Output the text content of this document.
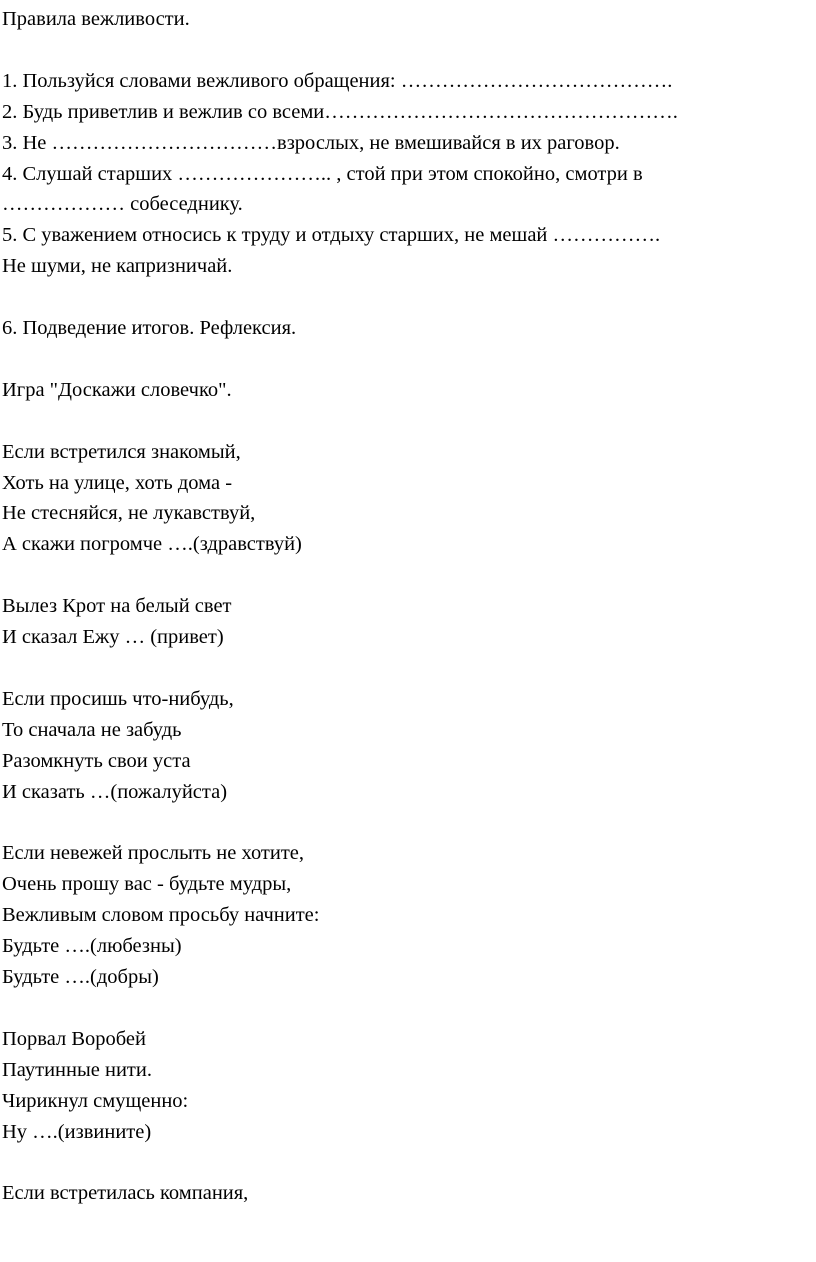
Правила вежливости.
1. Пользуйся словами вежливого обращения: ………………………………….
2. Будь приветлив и вежлив со всеми…………………………………………….
3. Не ……………………………взрослых, не вмешивайся в их раговор.
4. Слушай старших ………………….. , стой при этом спокойно, смотри в
……………… собеседнику.
5. С уважением относись к труду и отдыху старших, не мешай …………….
Не шуми, не капризничай.
6. Подведение итогов. Рефлексия.
Игра "Доскажи словечко".
Если встретился знакомый,
Хоть на улице, хоть дома -
Не стесняйся, не лукавствуй,
А скажи погромче ….(здравствуй)
Вылез Крот на белый свет
И сказал Ежу … (привет)
Если просишь что-нибудь,
То сначала не забудь
Разомкнуть свои уста
И сказать …(пожалуйста)
Если невежей прослыть не хотите,
Очень прошу вас - будьте мудры,
Вежливым словом просьбу начните:
Будьте ….(любезны)
Будьте ….(добры)
Порвал Воробей
Паутинные нити.
Чирикнул смущенно:
Ну ….(извините)
Если встретилась компания,
